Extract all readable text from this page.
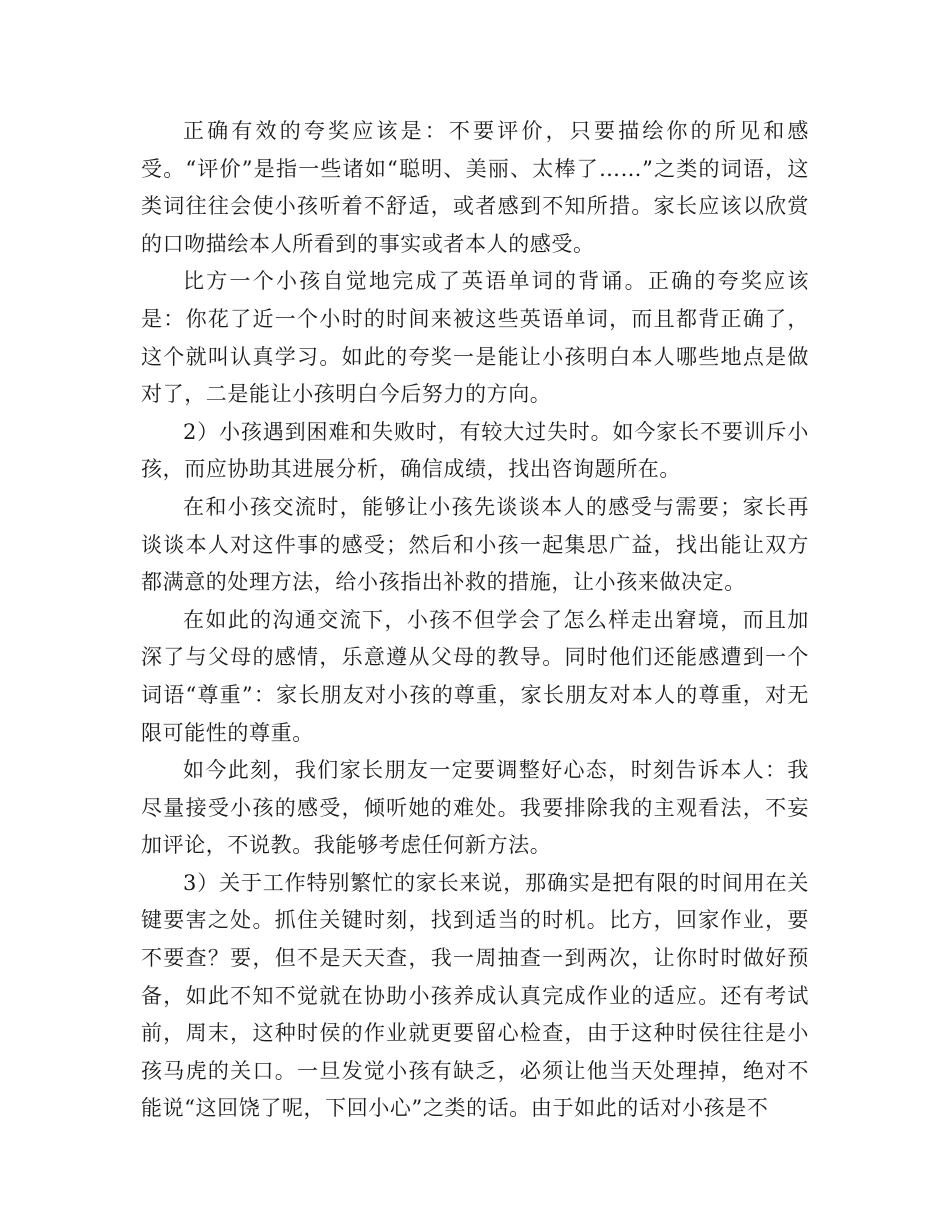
正确有效的夸奖应该是：不要评价，只要描绘你的所见和感受。“评价”是指一些诸如“聪明、美丽、太棒了……”之类的词语，这类词往往会使小孩听着不舒适，或者感到不知所措。家长应该以欣赏的口吻描绘本人所看到的事实或者本人的感受。

比方一个小孩自觉地完成了英语单词的背诵。正确的夸奖应该是：你花了近一个小时的时间来被这些英语单词，而且都背正确了，这个就叫认真学习。如此的夸奖一是能让小孩明白本人哪些地点是做对了，二是能让小孩明白今后努力的方向。

2）小孩遇到困难和失败时，有较大过失时。如今家长不要训斥小孩，而应协助其进展分析，确信成绩，找出咨询题所在。

在和小孩交流时，能够让小孩先谈谈本人的感受与需要；家长再谈谈本人对这件事的感受；然后和小孩一起集思广益，找出能让双方都满意的处理方法，给小孩指出补救的措施，让小孩来做决定。

在如此的沟通交流下，小孩不但学会了怎么样走出窘境，而且加深了与父母的感情，乐意遵从父母的教导。同时他们还能感遭到一个词语“尊重”：家长朋友对小孩的尊重，家长朋友对本人的尊重，对无限可能性的尊重。

如今此刻，我们家长朋友一定要调整好心态，时刻告诉本人：我尽量接受小孩的感受，倾听她的难处。我要排除我的主观看法，不妄加评论，不说教。我能够考虑任何新方法。

3）关于工作特别繁忙的家长来说，那确实是把有限的时间用在关键要害之处。抓住关键时刻，找到适当的时机。比方，回家作业，要不要查？要，但不是天天查，我一周抽查一到两次，让你时时做好预备，如此不知不觉就在协助小孩养成认真完成作业的适应。还有考试前，周末，这种时侯的作业就更要留心检查，由于这种时侯往往是小孩马虎的关口。一旦发觉小孩有缺乏，必须让他当天处理掉，绝对不能说“这回饶了呢，下回小心”之类的话。由于如此的话对小孩是不
